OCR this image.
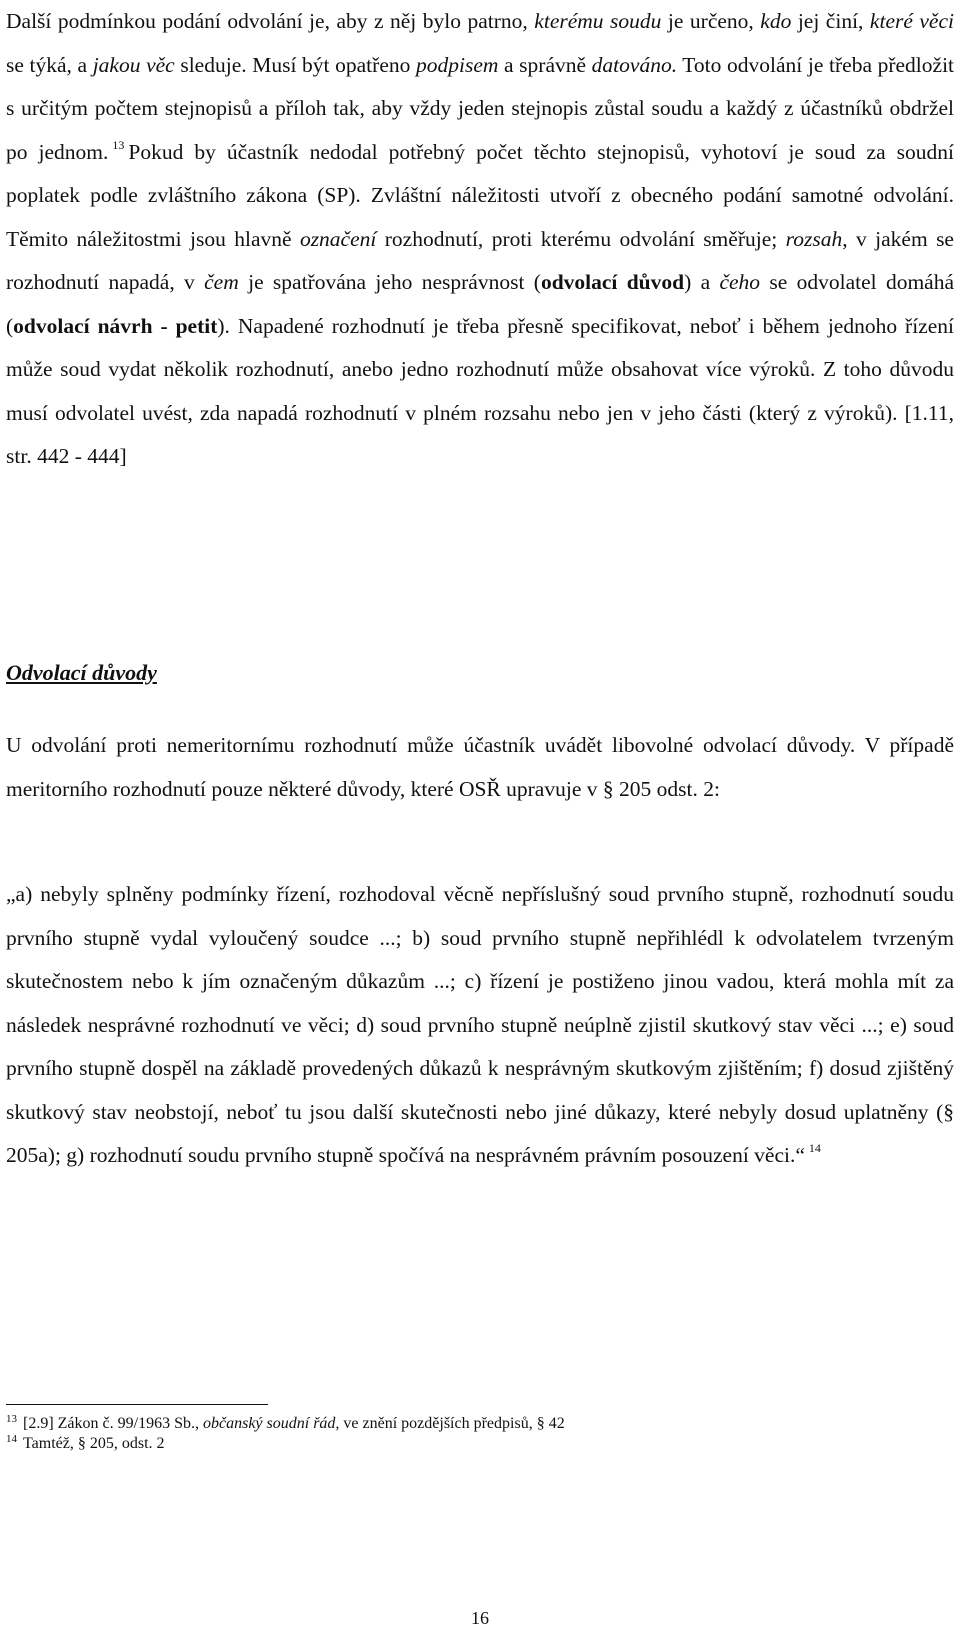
Další podmínkou podání odvolání je, aby z něj bylo patrno, kterému soudu je určeno, kdo jej činí, které věci se týká, a jakou věc sleduje. Musí být opatřeno podpisem a správně datováno. Toto odvolání je třeba předložit s určitým počtem stejnopisů a příloh tak, aby vždy jeden stejnopis zůstal soudu a každý z účastníků obdržel po jednom. $^{13}$ Pokud by účastník nedodal potřebný počet těchto stejnopisů, vyhotoví je soud za soudní poplatek podle zvláštního zákona (SP). Zvláštní náležitosti utvoří z obecného podání samotné odvolání. Těmito náležitostmi jsou hlavně označení rozhodnutí, proti kterému odvolání směřuje; rozsah, v jakém se rozhodnutí napadá, v čem je spatřována jeho nesprávnost (odvolací důvod) a čeho se odvolatel domáhá (odvolací návrh - petit). Napadené rozhodnutí je třeba přesně specifikovat, neboť i během jednoho řízení může soud vydat několik rozhodnutí, anebo jedno rozhodnutí může obsahovat více výroků. Z toho důvodu musí odvolatel uvést, zda napadá rozhodnutí v plném rozsahu nebo jen v jeho části (který z výroků). [1.11, str. 442 - 444]

Odvolací důvody

U odvolání proti nemeritornímu rozhodnutí může účastník uvádět libovolné odvolací důvody. V případě meritorního rozhodnutí pouze některé důvody, které OSŘ upravuje v § 205 odst. 2:

„a) nebyly splněny podmínky řízení, rozhodoval věcně nepříslušný soud prvního stupně, rozhodnutí soudu prvního stupně vydal vyloučený soudce ...; b) soud prvního stupně nepřihlédl k odvolatelem tvrzeným skutečnostem nebo k jím označeným důkazům ...; c) řízení je postiženo jinou vadou, která mohla mít za následek nesprávné rozhodnutí ve věci; d) soud prvního stupně neúplně zjistil skutkový stav věci ...; e) soud prvního stupně dospěl na základě provedených důkazů k nesprávným skutkovým zjištěním; f) dosud zjištěný skutkový stav neobstojí, neboť tu jsou další skutečnosti nebo jiné důkazy, které nebyly dosud uplatněny (§ 205a); g) rozhodnutí soudu prvního stupně spočívá na nesprávném právním posouzení věci.“ $^{14}$

$^{13}$ [2.9] Zákon č. 99/1963 Sb., občanský soudní řád, ve znění pozdějších předpisů, § 42
$^{14}$ Tamtéž, § 205, odst. 2
16
